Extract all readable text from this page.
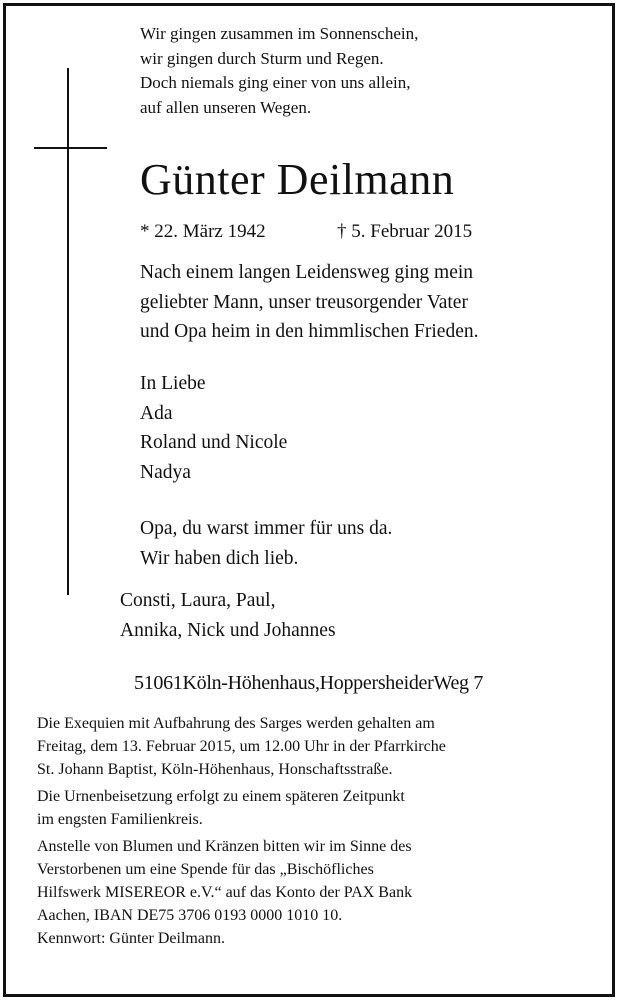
Wir gingen zusammen im Sonnenschein,
wir gingen durch Sturm und Regen.
Doch niemals ging einer von uns allein,
auf allen unseren Wegen.
Günter Deilmann
* 22. März 1942	† 5. Februar 2015
Nach einem langen Leidensweg ging mein
geliebter Mann, unser treusorgender Vater
und Opa heim in den himmlischen Frieden.
In Liebe
Ada
Roland und Nicole
Nadya
Opa, du warst immer für uns da.
Wir haben dich lieb.
Consti, Laura, Paul,
Annika, Nick und Johannes
51061Köln-Höhenhaus,HoppersheiderWeg 7

Die Exequien mit Aufbahrung des Sarges werden gehalten am
Freitag, dem 13. Februar 2015, um 12.00 Uhr in der Pfarrkirche
St. Johann Baptist, Köln-Höhenhaus, Honschaftsstraße.

Die Urnenbeisetzung erfolgt zu einem späteren Zeitpunkt
im engsten Familienkreis.

Anstelle von Blumen und Kränzen bitten wir im Sinne des
Verstorbenen um eine Spende für das „Bischöfliches
Hilfswerk MISEREOR e.V.“ auf das Konto der PAX Bank
Aachen, IBAN DE75 3706 0193 0000 1010 10.
Kennwort: Günter Deilmann.
